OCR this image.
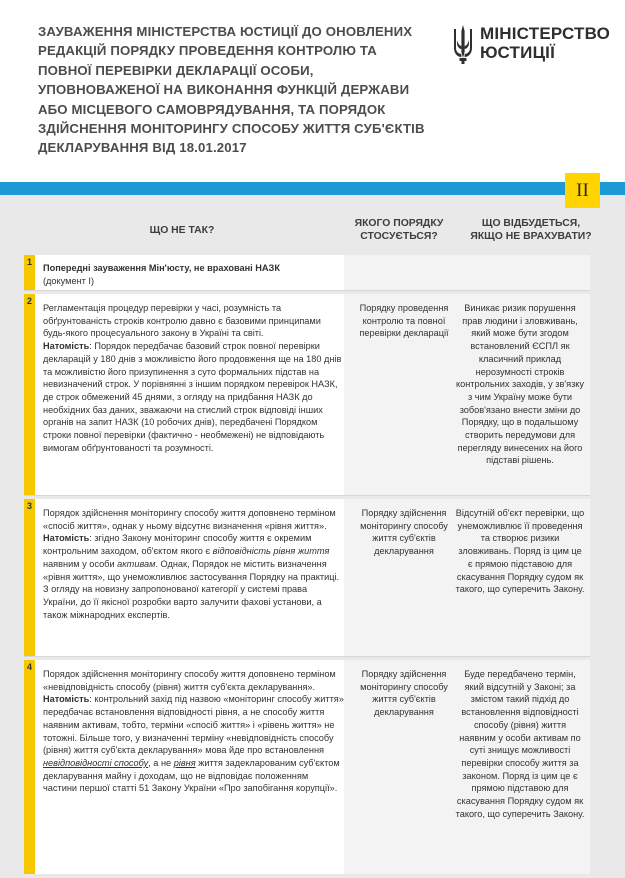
ЗАУВАЖЕННЯ МІНІСТЕРСТВА ЮСТИЦІЇ ДО ОНОВЛЕНИХ РЕДАКЦІЙ ПОРЯДКУ ПРОВЕДЕННЯ КОНТРОЛЮ ТА ПОВНОЇ ПЕРЕВІРКИ ДЕКЛАРАЦІЇ ОСОБИ, УПОВНОВАЖЕНОЇ НА ВИКОНАННЯ ФУНКЦІЙ ДЕРЖАВИ АБО МІСЦЕВОГО САМОВРЯДУВАННЯ, ТА ПОРЯДОК ЗДІЙСНЕННЯ МОНІТОРИНГУ СПОСОБУ ЖИТТЯ СУБ'ЄКТІВ ДЕКЛАРУВАННЯ ВІД 18.01.2017
МІНІСТЕРСТВО
ЮСТИЦІЇ
II
ЩО НЕ ТАК?
ЯКОГО ПОРЯДКУ
СТОСУЄТЬСЯ?
ЩО ВІДБУДЕТЬСЯ,
ЯКЩО НЕ ВРАХУВАТИ?
1
Попередні зауваження Мін'юсту, не враховані НАЗК
(документ І)
2
Регламентація процедур перевірки у часі, розумність та обґрунтованість строків контролю давно є базовими принципами будь-якого процесуального закону в Україні та світі.
Натомість: Порядок передбачає базовий строк повної перевірки декларацій у 180 днів з можливістю його продовження ще на 180 днів та можливістю його призупинення з суто формальних підстав на невизначений строк. У порівнянні з іншим порядком перевірок НАЗК, де строк обмежений 45 днями, з огляду на придбання НАЗК до необхідних баз даних, зважаючи на стислий строк відповіді інших органів на запит НАЗК (10 робочих днів), передбачені Порядком строки повної перевірки (фактично - необмежені) не відповідають вимогам обґрунтованості та розумності.
Порядку проведення контролю та повної перевірки декларації
Виникає ризик порушення прав людини і зловживань, який може бути згодом встановлений ЄСПЛ як класичний приклад нерозумності строків контрольних заходів, у зв'язку з чим Україну може бути зобов'язано внести зміни до Порядку, що в подальшому створить передумови для перегляду винесених на його підставі рішень.
3
Порядок здійснення моніторингу способу життя доповнено терміном «спосіб життя», однак у ньому відсутнє визначення «рівня життя».
Натомість: згідно Закону моніторинг способу життя є окремим контрольним заходом, об'єктом якого є відповідність рівня життя наявним у особи активам. Однак, Порядок не містить визначення «рівня життя», що унеможливлює застосування Порядку на практиці. З огляду на новизну запропонованої категорії у системі права України, до її якісної розробки варто залучити фахові установи, а також міжнародних експертів.
Порядку здійснення моніторингу способу життя суб'єктів декларування
Відсутній об'єкт перевірки, що унеможливлює її проведення та створює ризики зловживань. Поряд із цим це є прямою підставою для скасування Порядку судом як такого, що суперечить Закону.
4
Порядок здійснення моніторингу способу життя доповнено терміном «невідповідність способу (рівня) життя суб'єкта декларування».
Натомість: контрольний захід під назвою «моніторинг способу життя» передбачає встановлення відповідності рівня, а не способу життя наявним активам, тобто, терміни «спосіб життя» і «рівень життя» не тотожні. Більше того, у визначенні терміну «невідповідність способу (рівня) життя суб'єкта декларування» мова йде про встановлення невідповідності способу, а не рівня життя задекларованим суб'єктом декларування майну і доходам, що не відповідає положенням частини першої статті 51 Закону України «Про запобігання корупції».
Порядку здійснення моніторингу способу життя суб'єктів декларування
Буде передбачено термін, який відсутній у Законі; за змістом такий підхід до встановлення відповідності способу (рівня) життя наявним у особи активам по суті знищує можливості перевірки способу життя за законом. Поряд із цим це є прямою підставою для скасування Порядку судом як такого, що суперечить Закону.
